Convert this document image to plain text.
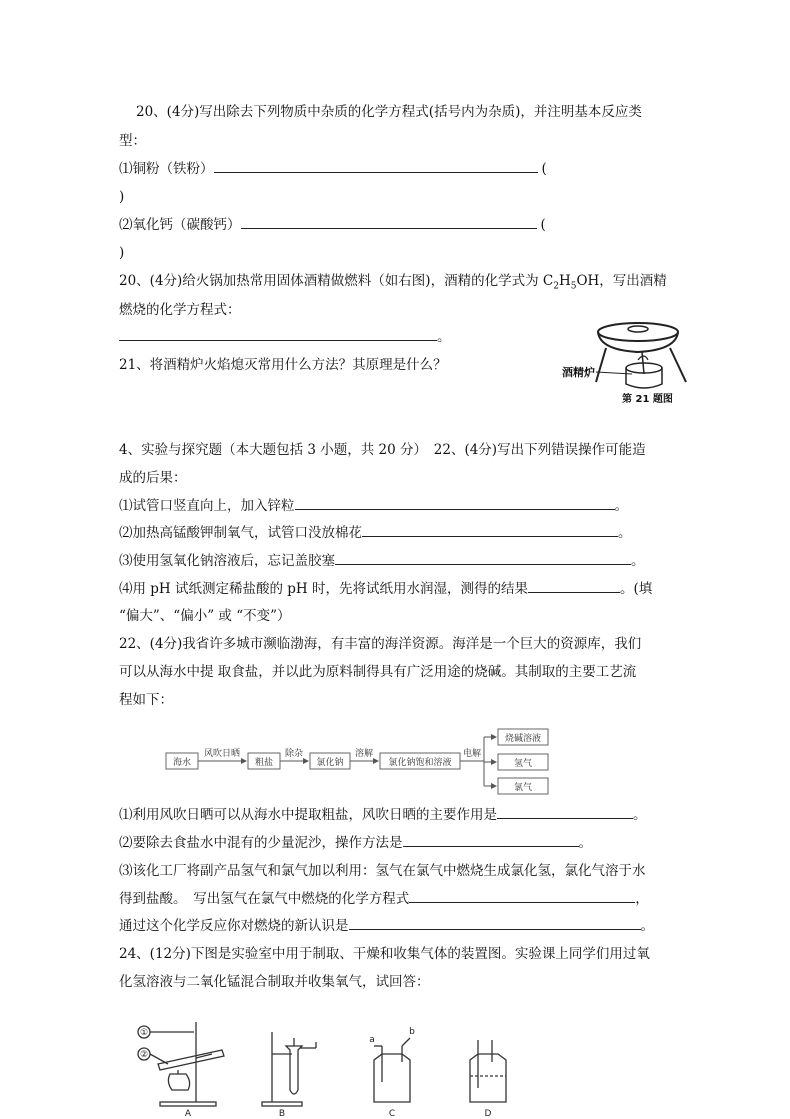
20、(4分)写出除去下列物质中杂质的化学方程式(括号内为杂质)，并注明基本反应类
型：
⑴铜粉（铁粉）	(
)
⑵氧化钙（碳酸钙）	(
)
20、(4分)给火锅加热常用固体酒精做燃料（如右图)，酒精的化学式为 $C_2H_5OH$，写出酒精
燃烧的化学方程式：
。
21、将酒精炉火焰熄灭常用什么方法？其原理是什么？	酒精炉
第 21 题图
4、实验与探究题（本大题包括 3 小题，共 20 分）　22、(4分)写出下列错误操作可能造
成的后果：
⑴试管口竖直向上，加入锌粒	。
⑵加热高锰酸钾制氧气，试管口没放棉花	。
⑶使用氢氧化钠溶液后，忘记盖胶塞	。
⑷用 pH 试纸测定稀盐酸的 pH 时，先将试纸用水润湿，测得的结果	。(填
“偏大”、“偏小” 或 “不变”）
22、(4分)我省许多城市濒临渤海，有丰富的海洋资源。海洋是一个巨大的资源库，我们
可以从海水中提 取食盐，并以此为原料制得具有广泛用途的烧碱。其制取的主要工艺流
程如下：
海水	粗盐	氯化钠	氯化钠饱和溶液
烧碱溶液
氢气
氯气
风吹日晒	除杂	溶解	电解
⑴利用风吹日晒可以从海水中提取粗盐，风吹日晒的主要作用是	。
⑵要除去食盐水中混有的少量泥沙，操作方法是	。
⑶该化工厂将副产品氢气和氯气加以利用：氢气在氯气中燃烧生成氯化氢，氯化气溶于水
得到盐酸。　写出氢气在氯气中燃烧的化学方程式	，
通过这个化学反应你对燃烧的新认识是	。
24、(12分)下图是实验室中用于制取、干燥和收集气体的装置图。实验课上同学们用过氧
化氢溶液与二氧化锰混合制取并收集氧气，试回答：
①
②
a
b
A	B	C	D
